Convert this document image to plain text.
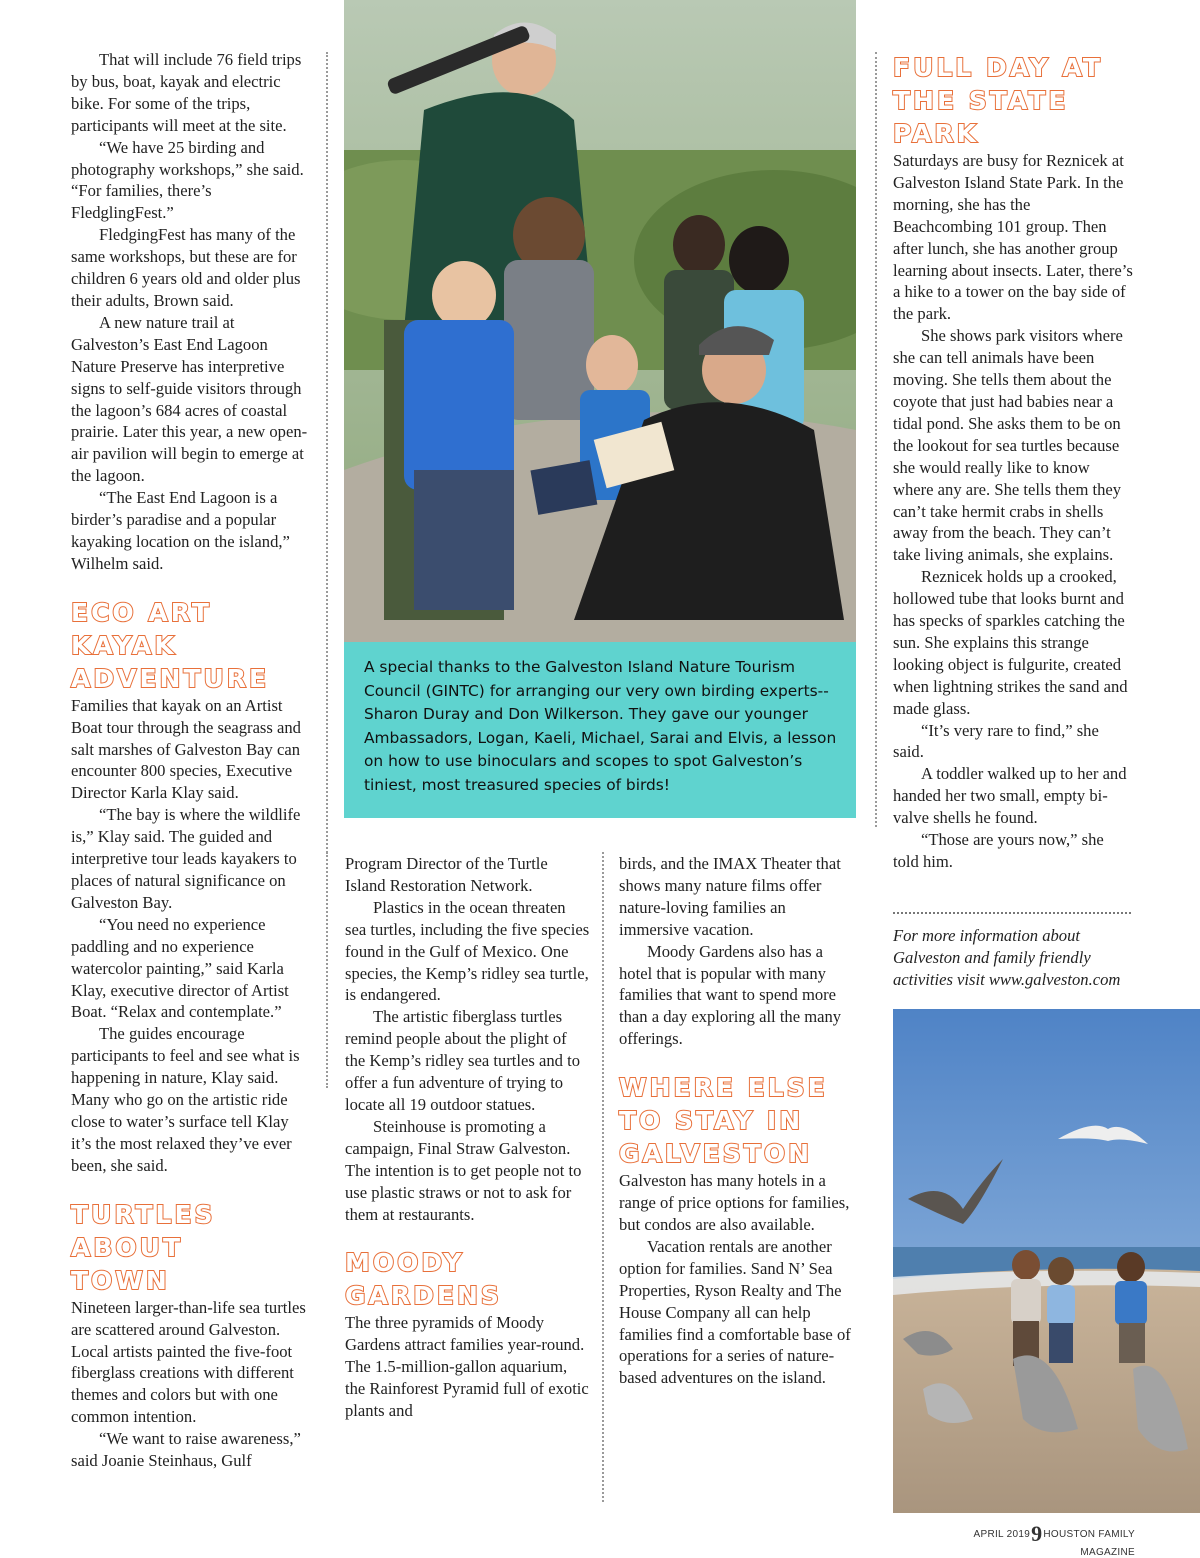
That will include 76 field trips by bus, boat, kayak and electric bike. For some of the trips, participants will meet at the site.

“We have 25 birding and photography workshops,” she said. “For families, there’s FledglingFest.”

FledgingFest has many of the same workshops, but these are for children 6 years old and older plus their adults, Brown said.

A new nature trail at Galveston’s East End Lagoon Nature Preserve has interpretive signs to self-guide visitors through the lagoon’s 684 acres of coastal prairie. Later this year, a new open-air pavilion will begin to emerge at the lagoon.

“The East End Lagoon is a birder’s paradise and a popular kayaking location on the island,” Wilhelm said.

ECO ART KAYAK
ADVENTURE

Families that kayak on an Artist Boat tour through the seagrass and salt marshes of Galveston Bay can encounter 800 species, Executive Director Karla Klay said.

“The bay is where the wildlife is,” Klay said. The guided and interpretive tour leads kayakers to places of natural significance on Galveston Bay.

“You need no experience paddling and no experience watercolor painting,” said Karla Klay, executive director of Artist Boat. “Relax and contemplate.”

The guides encourage participants to feel and see what is happening in nature, Klay said. Many who go on the artistic ride close to water’s surface tell Klay it’s the most relaxed they’ve ever been, she said.

TURTLES ABOUT
TOWN

Nineteen larger-than-life sea turtles are scattered around Galveston. Local artists painted the five-foot fiberglass creations with different themes and colors but with one common intention.

“We want to raise awareness,” said Joanie Steinhaus, Gulf

A special thanks to the Galveston Island Nature Tourism Council (GINTC) for arranging our very own birding experts--Sharon Duray and Don Wilkerson. They gave our younger Ambassadors, Logan, Kaeli, Michael, Sarai and Elvis, a lesson on how to use binoculars and scopes to spot Galveston’s tiniest, most treasured species of birds!

Program Director of the Turtle Island Restoration Network.

Plastics in the ocean threaten sea turtles, including the five species found in the Gulf of Mexico. One species, the Kemp’s ridley sea turtle, is endangered.

The artistic fiberglass turtles remind people about the plight of the Kemp’s ridley sea turtles and to offer a fun adventure of trying to locate all 19 outdoor statues.

Steinhouse is promoting a campaign, Final Straw Galveston. The intention is to get people not to use plastic straws or not to ask for them at restaurants.

MOODY
GARDENS

The three pyramids of Moody Gardens attract families year-round. The 1.5-million-gallon aquarium, the Rainforest Pyramid full of exotic plants and

birds, and the IMAX Theater that shows many nature films offer nature-loving families an immersive vacation.

Moody Gardens also has a hotel that is popular with many families that want to spend more than a day exploring all the many offerings.

WHERE ELSE
TO STAY IN
GALVESTON

Galveston has many hotels in a range of price options for families, but condos are also available.

Vacation rentals are another option for families. Sand N’ Sea Properties, Ryson Realty and The House Company all can help families find a comfortable base of operations for a series of nature-based adventures on the island.

FULL DAY AT
THE STATE PARK

Saturdays are busy for Reznicek at Galveston Island State Park. In the morning, she has the Beachcombing 101 group. Then after lunch, she has another group learning about insects. Later, there’s a hike to a tower on the bay side of the park.

She shows park visitors where she can tell animals have been moving. She tells them about the coyote that just had babies near a tidal pond. She asks them to be on the lookout for sea turtles because she would really like to know where any are. She tells them they can’t take hermit crabs in shells away from the beach. They can’t take living animals, she explains.

Reznicek holds up a crooked, hollowed tube that looks burnt and has specks of sparkles catching the sun. She explains this strange looking object is fulgurite, created when lightning strikes the sand and made glass.

“It’s very rare to find,” she said.

A toddler walked up to her and handed her two small, empty bi-valve shells he found.

“Those are yours now,” she told him.

For more information about Galveston and family friendly activities visit www.galveston.com
APRIL 20199HOUSTON FAMILY MAGAZINE
